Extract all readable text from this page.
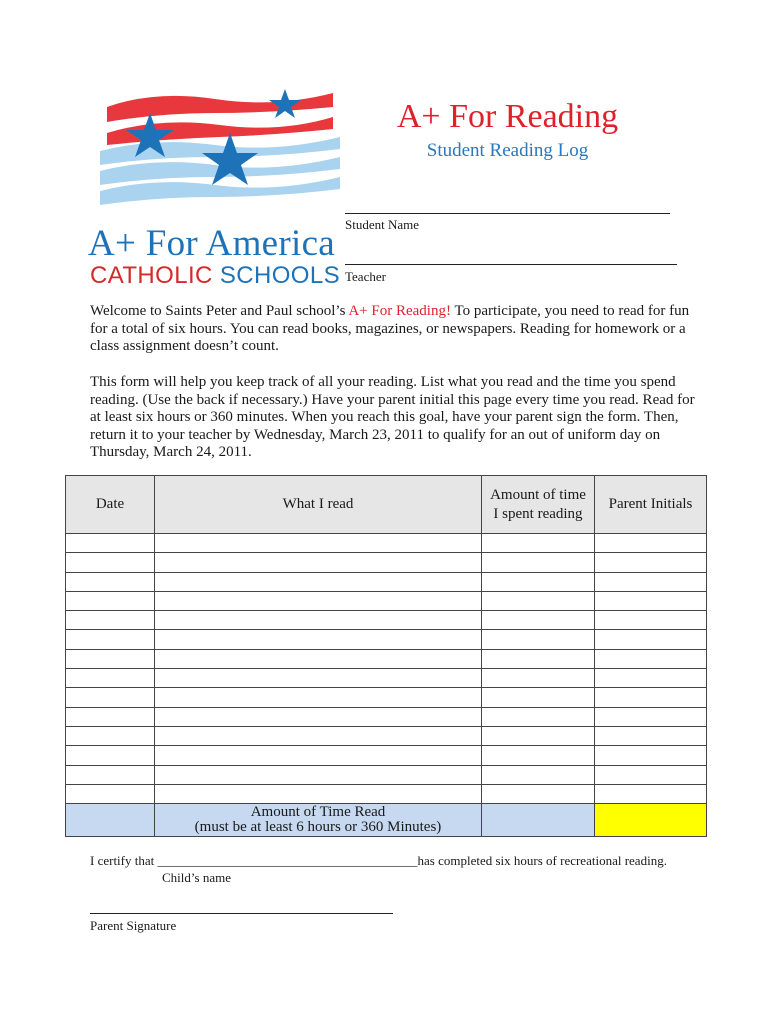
A+ For America
CATHOLIC SCHOOLS
A+ For Reading
Student Reading Log
Student Name
Teacher
Welcome to Saints Peter and Paul school’s A+ For Reading! To participate, you need to read for fun for a total of six hours. You can read books, magazines, or newspapers. Reading for homework or a class assignment doesn’t count.
This form will help you keep track of all your reading. List what you read and the time you spend reading. (Use the back if necessary.) Have your parent initial this page every time you read. Read for at least six hours or 360 minutes. When you reach this goal, have your parent sign the form. Then, return it to your teacher by Wednesday, March 23, 2011 to qualify for an out of uniform day on Thursday, March 24, 2011.
Date	What I read	Amount of time I spent reading	Parent Initials

	Amount of Time Read
(must be at least 6 hours or 360 Minutes)		

I certify that ________________________________________has completed six hours of recreational reading.
Child’s name
Parent Signature
